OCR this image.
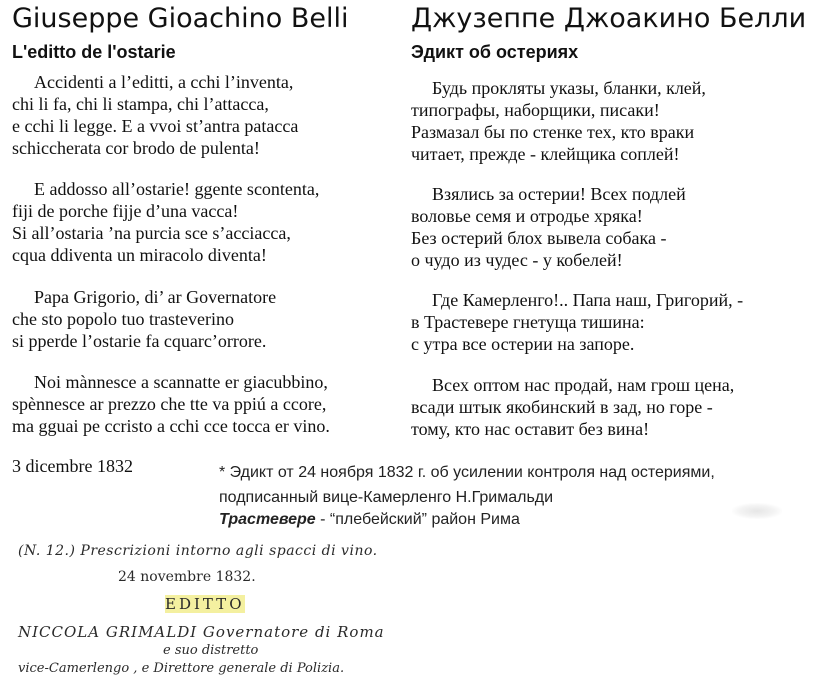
Giuseppe Gioachino Belli
L'editto de l'ostarie
Accidenti a l’editti, a cchi l’inventa,
chi li fa, chi li stampa, chi l’attacca,
e cchi li legge. E a vvoi st’antra patacca
schiccherata cor brodo de pulenta!
E addosso all’ostarie! ggente scontenta,
fiji de porche fijje d’una vacca!
Si all’ostaria ’na purcia sce s’acciacca,
cqua ddiventa un miracolo diventa!
Papa Grigorio, di’ ar Governatore
che sto popolo tuo trasteverino
si pperde l’ostarie fa cquarc’orrore.
Noi mànnesce a scannatte er giacubbino,
spènnesce ar prezzo che tte va ppiú a ccore,
ma gguai pe ccristo a cchi cce tocca er vino.
Джузеппе Джоакино Белли
Эдикт об остериях
Будь прокляты указы, бланки, клей,
типографы, наборщики, писаки!
Размазал бы по стенке тех, кто враки
читает, прежде - клейщика соплей!
Взялись за остерии! Всех подлей
воловье семя и отродье хряка!
Без остерий блох вывела собака -
о чудо из чудес - у кобелей!
Где Камерленго!.. Папа наш, Григорий, -
в Трастевере гнетуща тишина:
с утра все остерии на запоре.
Всех оптом нас продай, нам грош цена,
всади штык якобинский в зад, но горе -
тому, кто нас оставит без вина!
3 dicembre 1832	* Эдикт от 24 ноября 1832 г. об усилении контроля над остериями,
подписанный вице-Камерленго Н.Гримальди
Трастевере - “плебейский” район Рима
(N. 12.) Prescrizioni intorno agli spacci di vino.
24 novembre 1832.
EDITTO
NICCOLA GRIMALDI Governatore di Roma
e suo distretto
vice-Camerlengo , e Direttore generale di Polizia.
